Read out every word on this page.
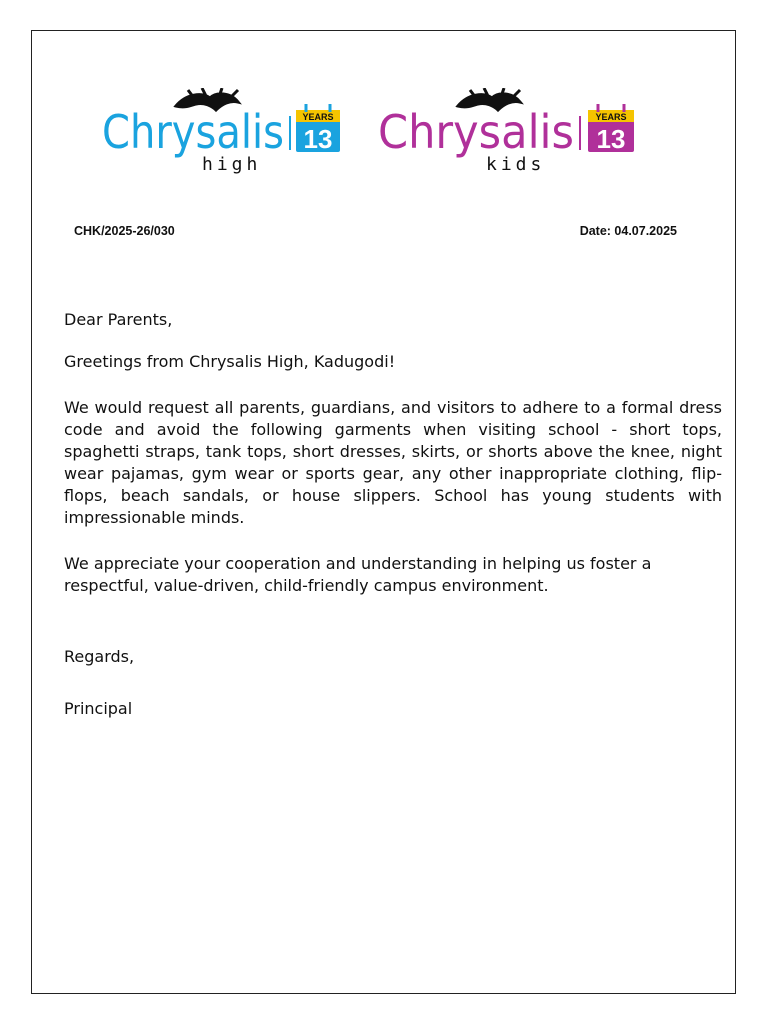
Chrysalis
high
YEARS
13 Chrysalis
kids
YEARS
13
CHK/2025-26/030	Date: 04.07.2025

Dear Parents,

Greetings from Chrysalis High, Kadugodi!

We would request all parents, guardians, and visitors to adhere to a formal dress code and avoid the following garments when visiting school - short tops, spaghetti straps, tank tops, short dresses, skirts, or shorts above the knee, night wear pajamas, gym wear or sports gear, any other inappropriate clothing, flip-flops, beach sandals, or house slippers. School has young students with impressionable minds.

We appreciate your cooperation and understanding in helping us foster a respectful, value-driven, child-friendly campus environment.

Regards,

Principal
